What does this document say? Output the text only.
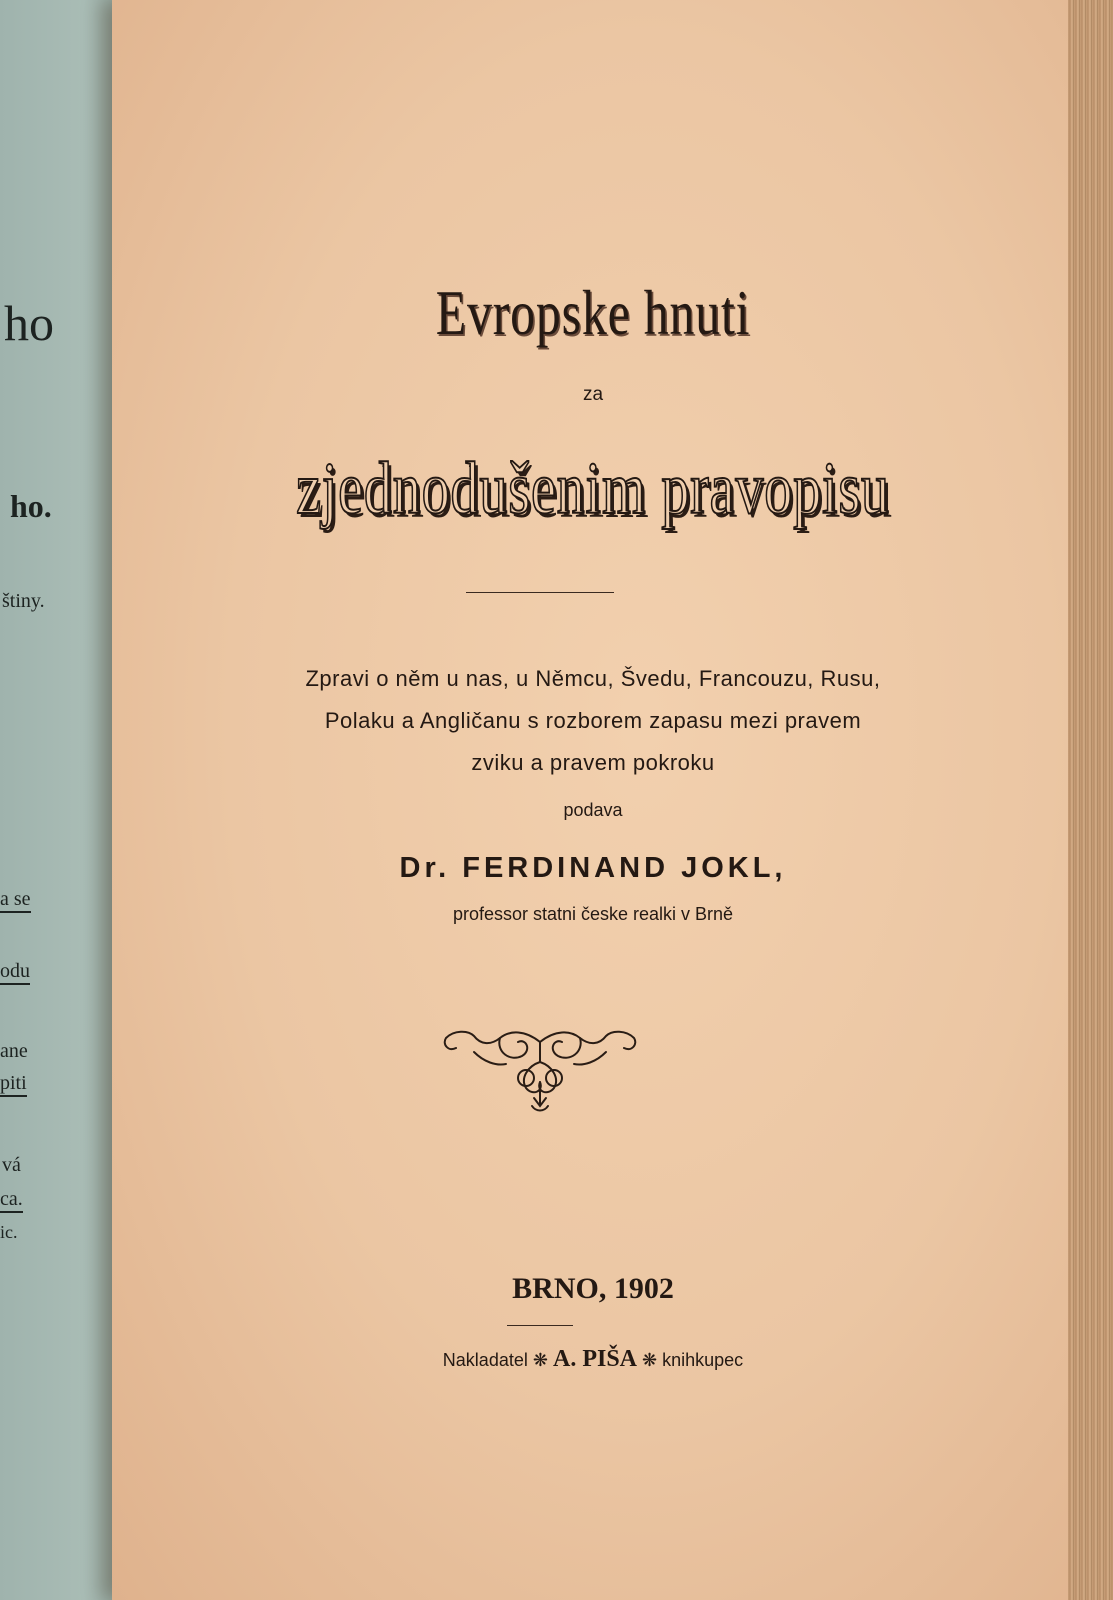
ho
ho.
štiny.
a se
odu
ane
piti
vá
ca.
ic.
Evropske hnuti
za
zjednodušenim pravopisu
Zpravi o něm u nas, u Němcu, Švedu, Francouzu, Rusu,
Polaku a Angličanu s rozborem zapasu mezi pravem
zviku a pravem pokroku
podava
Dr. FERDINAND JOKL,
professor statni česke realki v Brně
BRNO, 1902
Nakladatel ❋ A. PIŠA ❋ knihkupec
